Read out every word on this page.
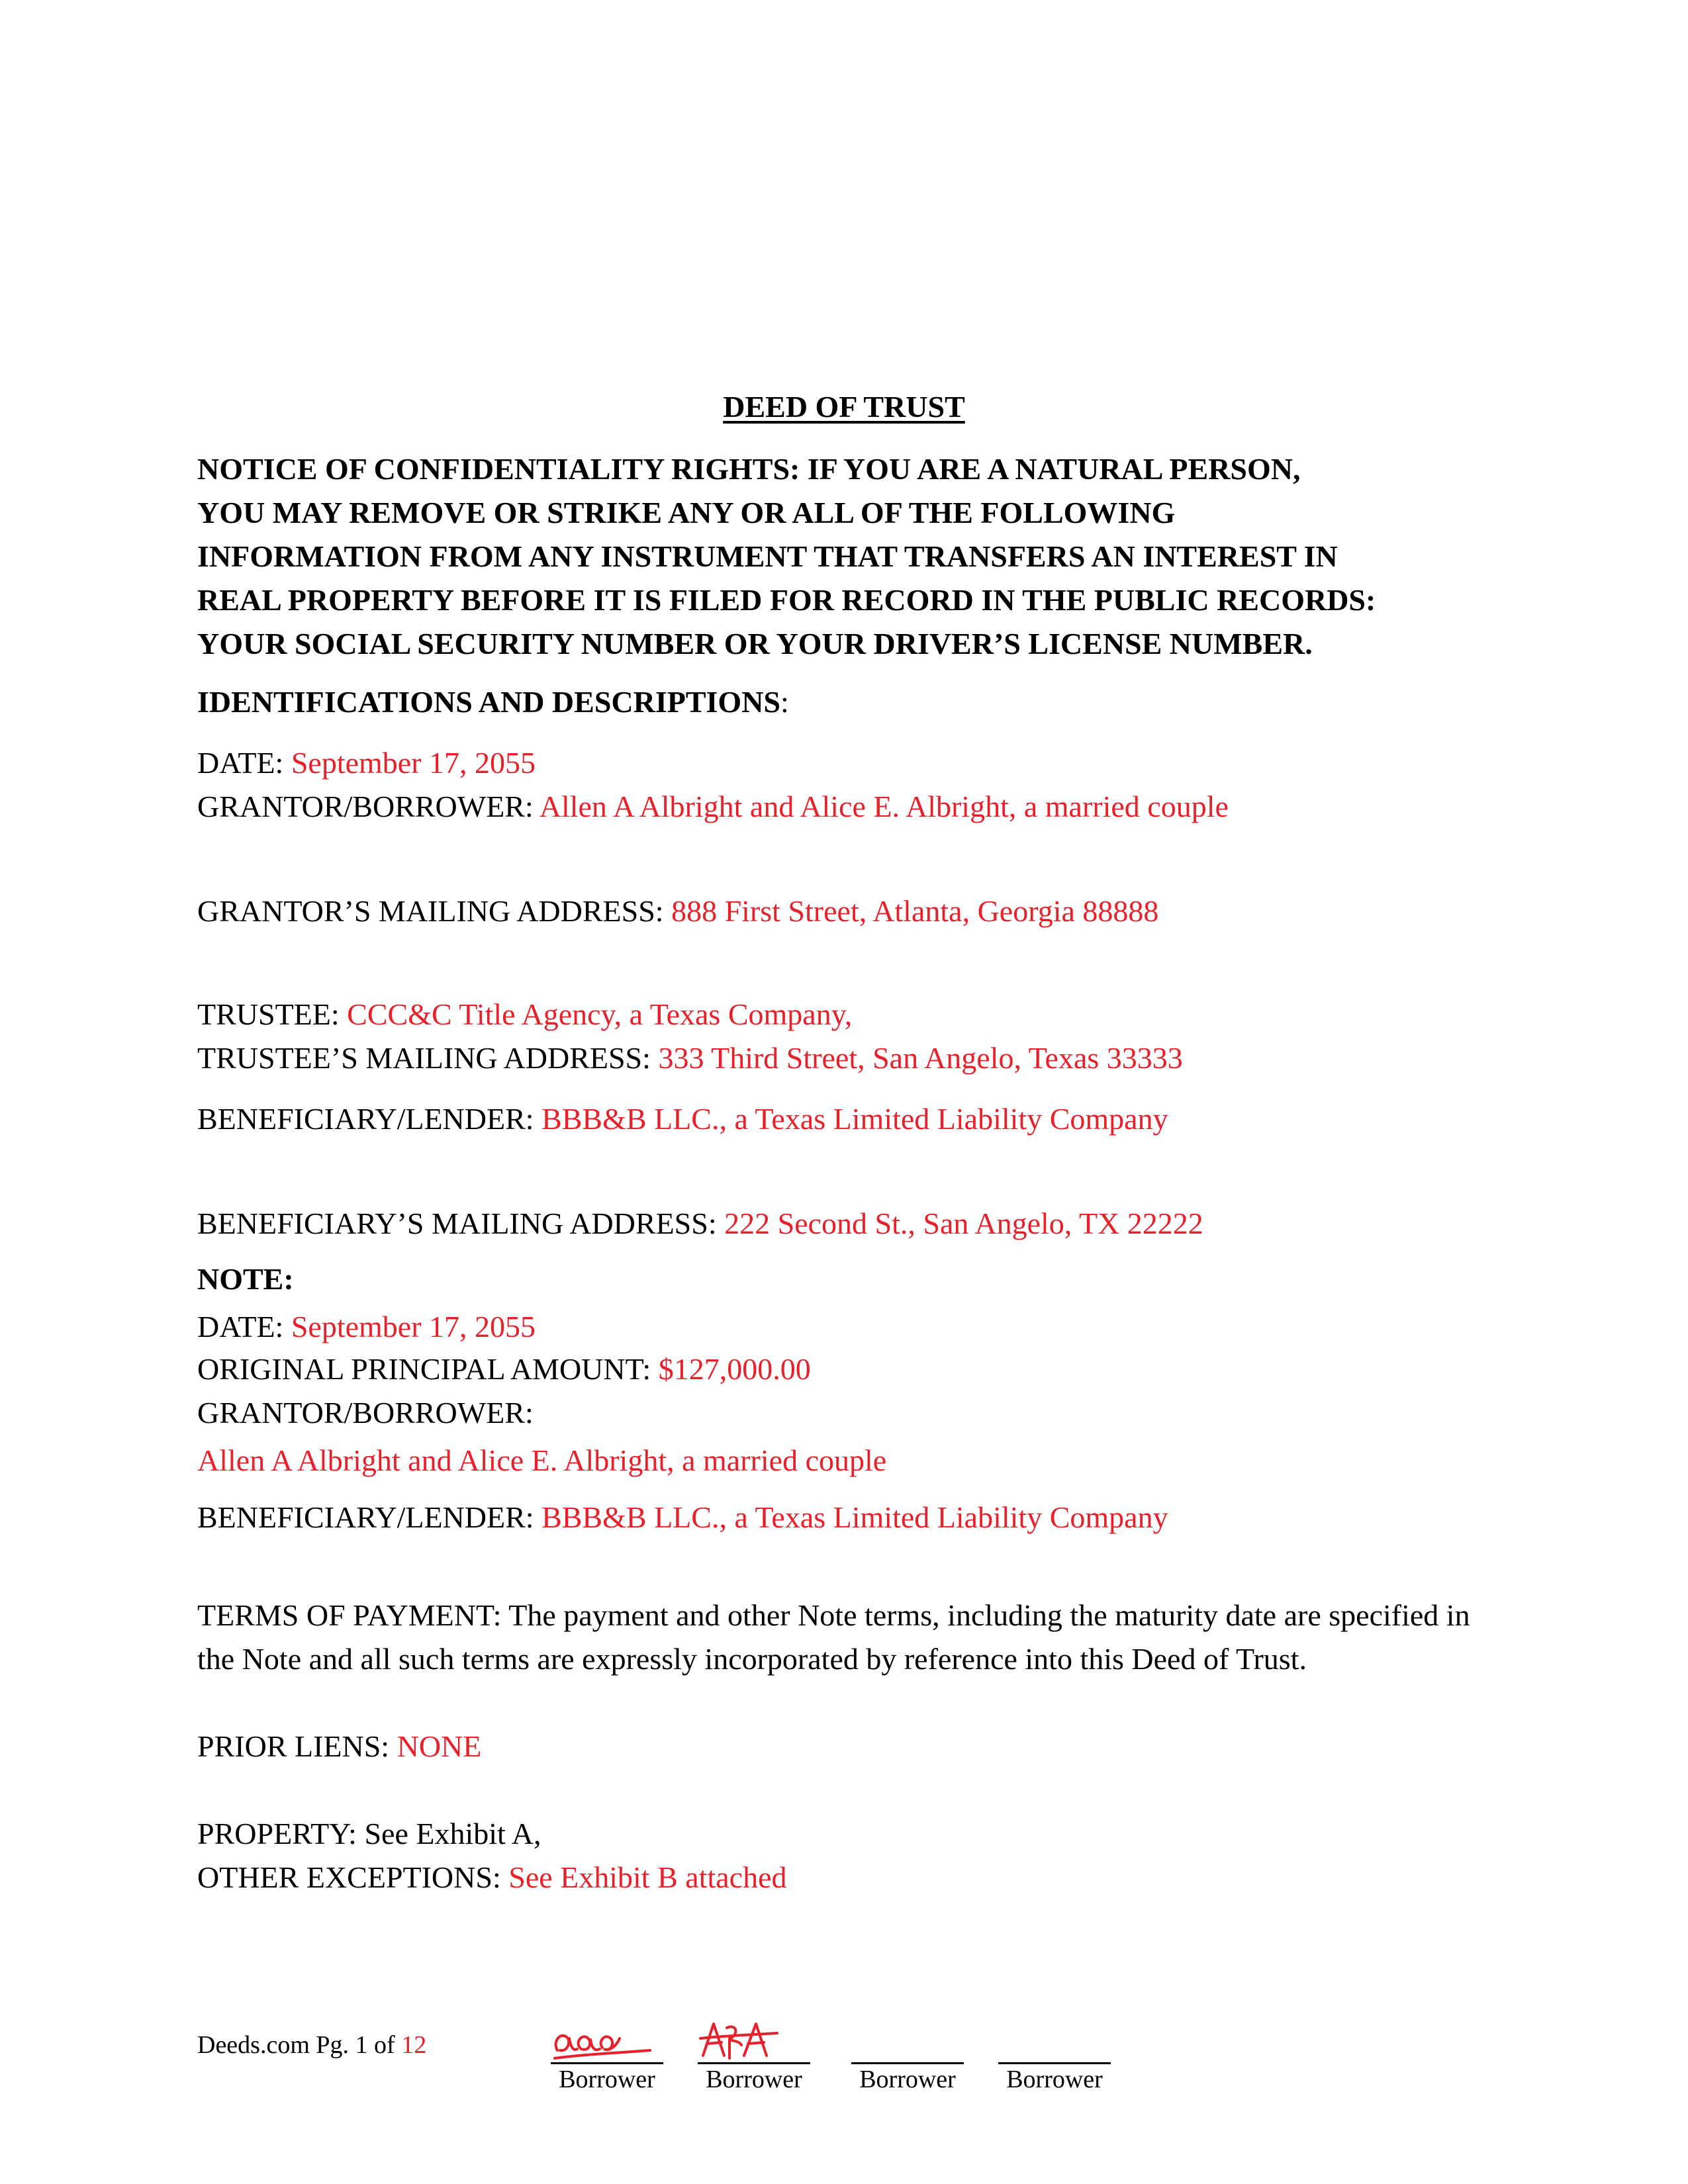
DEED OF TRUST
NOTICE OF CONFIDENTIALITY RIGHTS: IF YOU ARE A NATURAL PERSON,
YOU MAY REMOVE OR STRIKE ANY OR ALL OF THE FOLLOWING
INFORMATION FROM ANY INSTRUMENT THAT TRANSFERS AN INTEREST IN
REAL PROPERTY BEFORE IT IS FILED FOR RECORD IN THE PUBLIC RECORDS:
YOUR SOCIAL SECURITY NUMBER OR YOUR DRIVER’S LICENSE NUMBER.
IDENTIFICATIONS AND DESCRIPTIONS:
DATE: September 17, 2055
GRANTOR/BORROWER: Allen A Albright and Alice E. Albright, a married couple
GRANTOR’S MAILING ADDRESS: 888 First Street, Atlanta, Georgia 88888
TRUSTEE: CCC&C Title Agency, a Texas Company,
TRUSTEE’S MAILING ADDRESS: 333 Third Street, San Angelo, Texas 33333
BENEFICIARY/LENDER: BBB&B LLC., a Texas Limited Liability Company
BENEFICIARY’S MAILING ADDRESS: 222 Second St., San Angelo, TX 22222
NOTE:
DATE: September 17, 2055
ORIGINAL PRINCIPAL AMOUNT: $127,000.00
GRANTOR/BORROWER:
Allen A Albright and Alice E. Albright, a married couple
BENEFICIARY/LENDER: BBB&B LLC., a Texas Limited Liability Company
TERMS OF PAYMENT: The payment and other Note terms, including the maturity date are specified in the Note and all such terms are expressly incorporated by reference into this Deed of Trust.
PRIOR LIENS: NONE
PROPERTY: See Exhibit A,
OTHER EXCEPTIONS: See Exhibit B attached
Deeds.com Pg. 1 of 12
Borrower	Borrower	Borrower	Borrower
